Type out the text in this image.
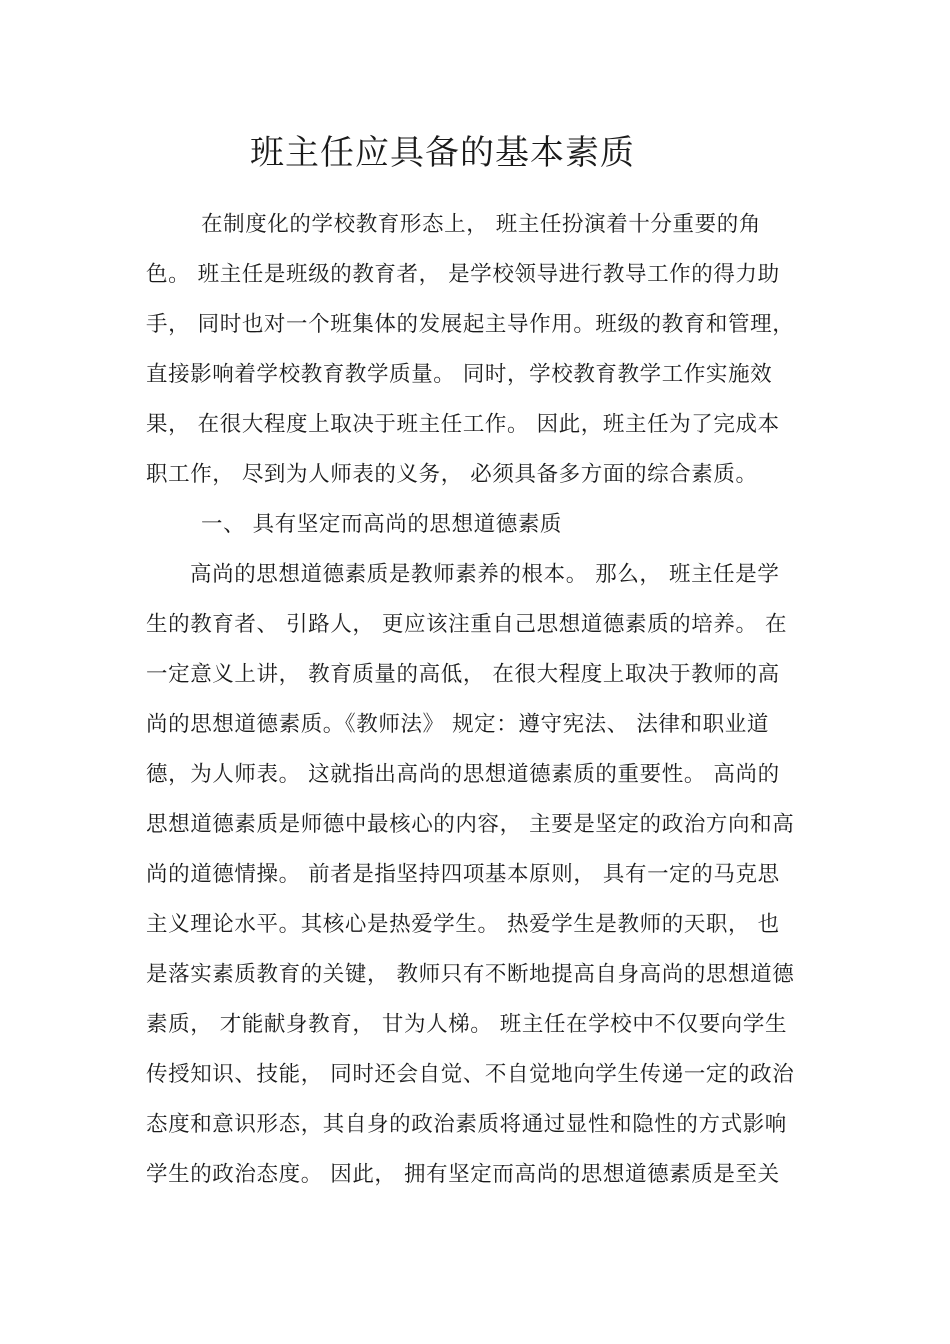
班主任应具备的基本素质

在制度化的学校教育形态上， 班主任扮演着十分重要的角

色。 班主任是班级的教育者， 是学校领导进行教导工作的得力助

手， 同时也对一个班集体的发展起主导作用。班级的教育和管理，

直接影响着学校教育教学质量。 同时，学校教育教学工作实施效

果， 在很大程度上取决于班主任工作。 因此，班主任为了完成本

职工作， 尽到为人师表的义务， 必须具备多方面的综合素质。

一、 具有坚定而高尚的思想道德素质

高尚的思想道德素质是教师素养的根本。 那么， 班主任是学

生的教育者、 引路人， 更应该注重自己思想道德素质的培养。 在

一定意义上讲， 教育质量的高低， 在很大程度上取决于教师的高

尚的思想道德素质。《教师法》 规定：遵守宪法、 法律和职业道

德，为人师表。 这就指出高尚的思想道德素质的重要性。 高尚的

思想道德素质是师德中最核心的内容， 主要是坚定的政治方向和高

尚的道德情操。 前者是指坚持四项基本原则， 具有一定的马克思

主义理论水平。其核心是热爱学生。 热爱学生是教师的天职， 也

是落实素质教育的关键， 教师只有不断地提高自身高尚的思想道德

素质， 才能献身教育， 甘为人梯。 班主任在学校中不仅要向学生

传授知识、技能， 同时还会自觉、不自觉地向学生传递一定的政治

态度和意识形态，其自身的政治素质将通过显性和隐性的方式影响

学生的政治态度。 因此， 拥有坚定而高尚的思想道德素质是至关
